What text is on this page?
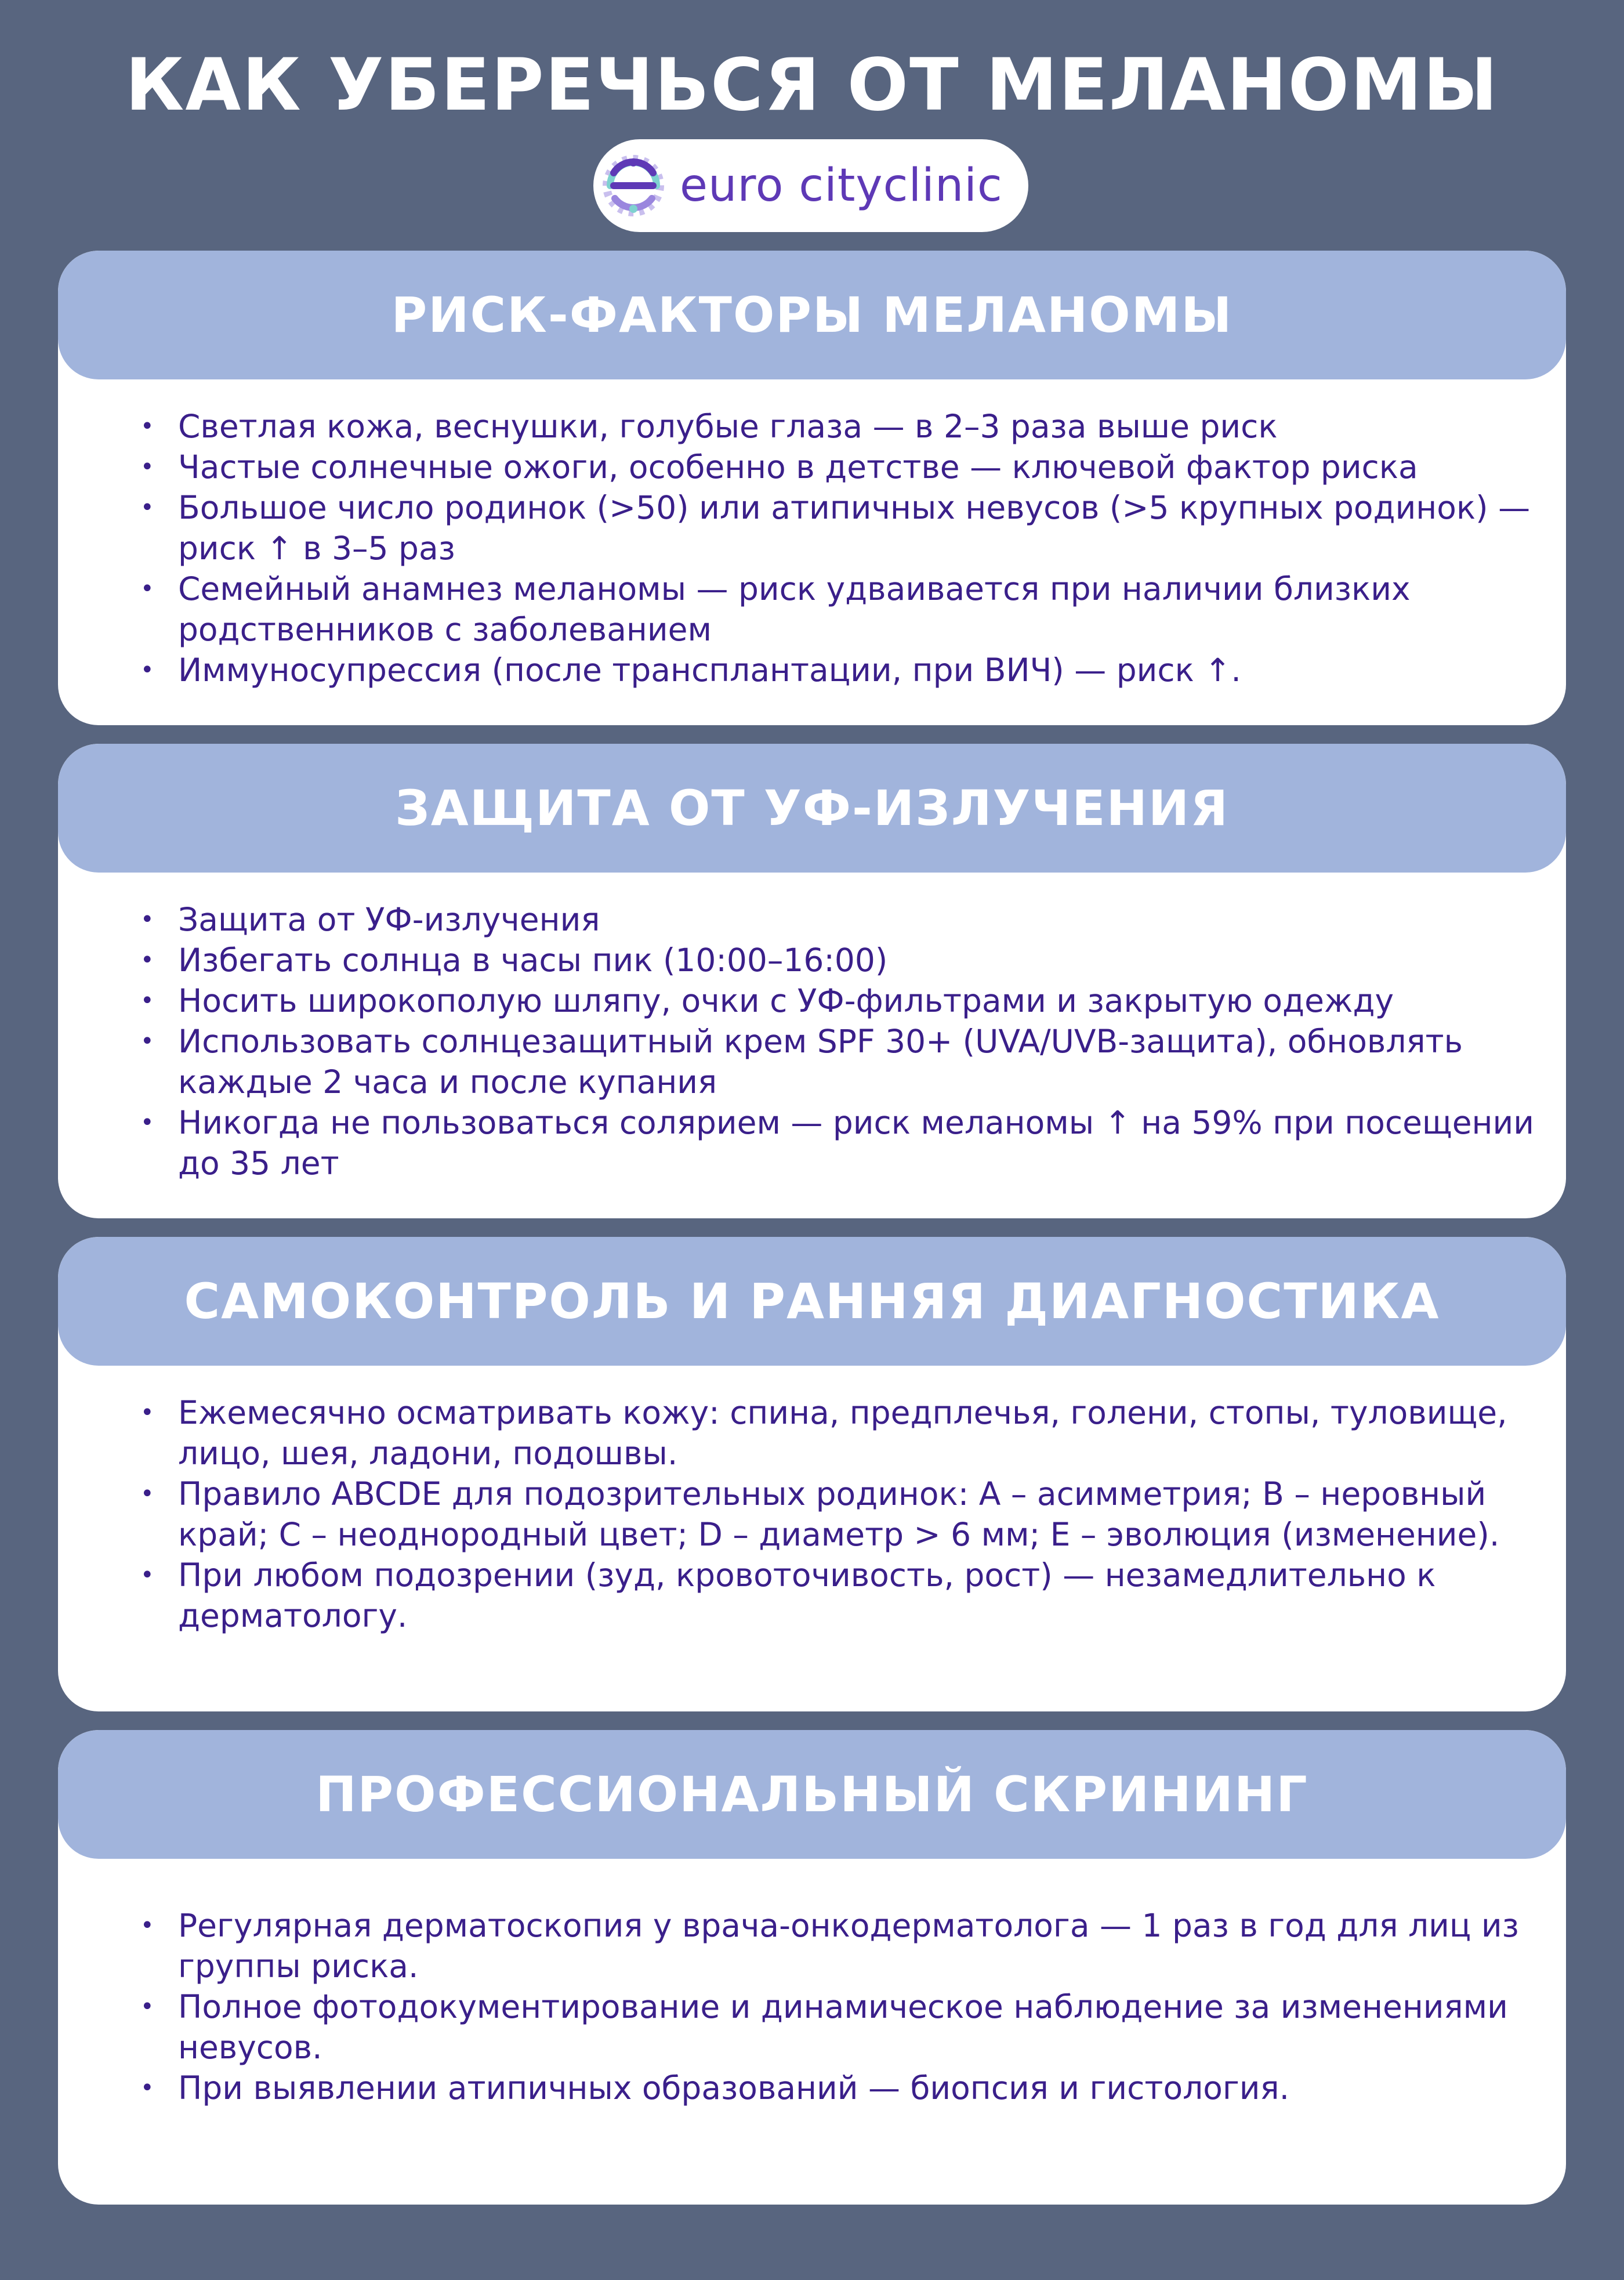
КАК УБЕРЕЧЬСЯ ОТ МЕЛАНОМЫ
euro cityclinic
РИСК-ФАКТОРЫ МЕЛАНОМЫ
• Светлая кожа, веснушки, голубые глаза — в 2–3 раза выше риск
• Частые солнечные ожоги, особенно в детстве — ключевой фактор риска
• Большое число родинок (>50) или атипичных невусов (>5 крупных родинок) — риск ↑ в 3–5 раз
• Семейный анамнез меланомы — риск удваивается при наличии близких родственников с заболеванием
• Иммуносупрессия (после трансплантации, при ВИЧ) — риск ↑.
ЗАЩИТА ОТ УФ-ИЗЛУЧЕНИЯ
• Защита от УФ-излучения
• Избегать солнца в часы пик (10:00–16:00)
• Носить широкополую шляпу, очки с УФ-фильтрами и закрытую одежду
• Использовать солнцезащитный крем SPF 30+ (UVA/UVB-защита), обновлять каждые 2 часа и после купания
• Никогда не пользоваться солярием — риск меланомы ↑ на 59% при посещении до 35 лет
САМОКОНТРОЛЬ И РАННЯЯ ДИАГНОСТИКА
• Ежемесячно осматривать кожу: спина, предплечья, голени, стопы, туловище, лицо, шея, ладони, подошвы.
• Правило ABCDE для подозрительных родинок: A – асимметрия; B – неровный край; C – неоднородный цвет; D – диаметр > 6 мм; E – эволюция (изменение).
• При любом подозрении (зуд, кровоточивость, рост) — незамедлительно к дерматологу.
ПРОФЕССИОНАЛЬНЫЙ СКРИНИНГ
• Регулярная дерматоскопия у врача-онкодерматолога — 1 раз в год для лиц из группы риска.
• Полное фотодокументирование и динамическое наблюдение за изменениями невусов.
• При выявлении атипичных образований — биопсия и гистология.
